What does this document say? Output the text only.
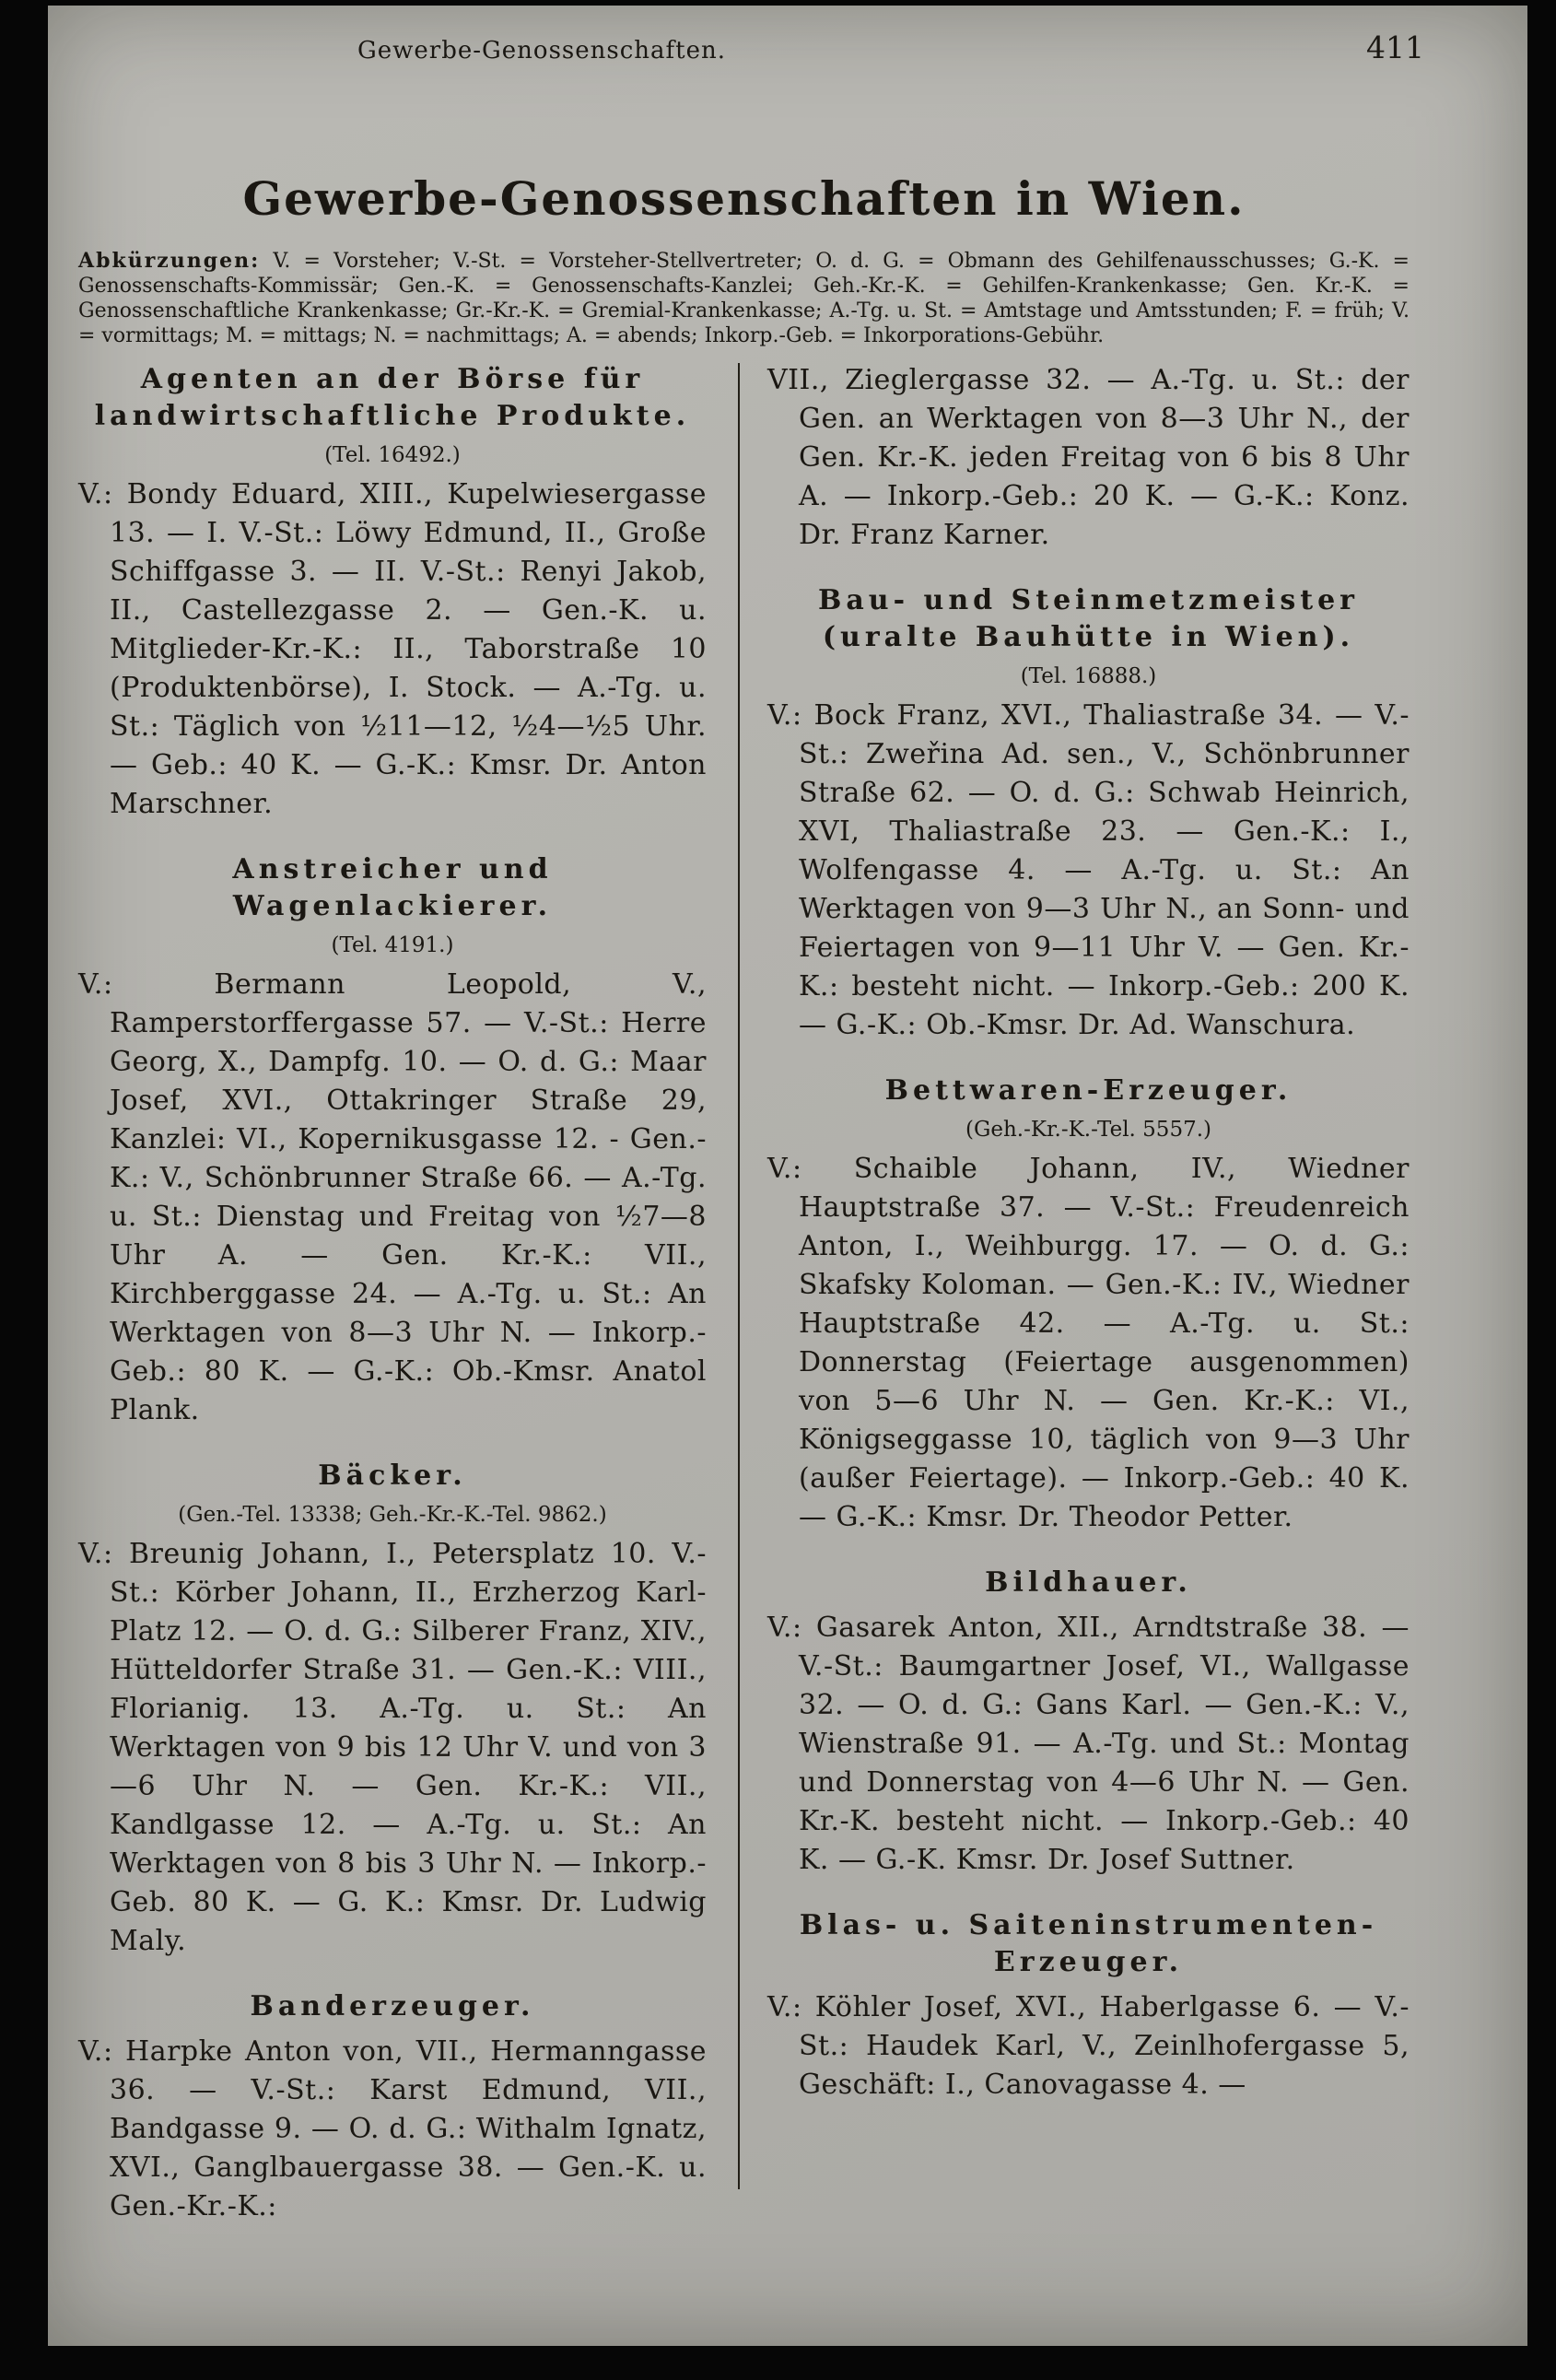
Gewerbe-Genossenschaften.	411
Gewerbe-Genossenschaften in Wien.

Abkürzungen: V. = Vorsteher; V.-St. = Vorsteher-Stellvertreter; O. d. G. = Obmann des Gehilfenausschusses; G.-K. = Genossenschafts-Kommissär; Gen.-K. = Genossenschafts-Kanzlei; Geh.-Kr.-K. = Gehilfen-Krankenkasse; Gen. Kr.-K. = Genossenschaftliche Krankenkasse; Gr.-Kr.-K. = Gremial-Krankenkasse; A.-Tg. u. St. = Amtstage und Amtsstunden; F. = früh; V. = vormittags; M. = mittags; N. = nachmittags; A. = abends; Inkorp.-Geb. = Inkorporations-Gebühr.

Agenten an der Börse für landwirtschaftliche Produkte.
(Tel. 16492.)

V.: Bondy Eduard, XIII., Kupelwiesergasse 13. — I. V.-St.: Löwy Edmund, II., Große Schiffgasse 3. — II. V.-St.: Renyi Jakob, II., Castellezgasse 2. — Gen.-K. u. Mitglieder-Kr.-K.: II., Taborstraße 10 (Produktenbörse), I. Stock. — A.-Tg. u. St.: Täglich von ½11—12, ½4—½5 Uhr. — Geb.: 40 K. — G.-K.: Kmsr. Dr. Anton Marschner.

Anstreicher und Wagenlackierer.
(Tel. 4191.)

V.: Bermann Leopold, V., Ramperstorffergasse 57. — V.-St.: Herre Georg, X., Dampfg. 10. — O. d. G.: Maar Josef, XVI., Ottakringer Straße 29, Kanzlei: VI., Kopernikusgasse 12. - Gen.-K.: V., Schönbrunner Straße 66. — A.-Tg. u. St.: Dienstag und Freitag von ½7—8 Uhr A. — Gen. Kr.-K.: VII., Kirchberggasse 24. — A.-Tg. u. St.: An Werktagen von 8—3 Uhr N. — Inkorp.-Geb.: 80 K. — G.-K.: Ob.-Kmsr. Anatol Plank.

Bäcker.
(Gen.-Tel. 13338; Geh.-Kr.-K.-Tel. 9862.)

V.: Breunig Johann, I., Petersplatz 10. V.-St.: Körber Johann, II., Erzherzog Karl-Platz 12. — O. d. G.: Silberer Franz, XIV., Hütteldorfer Straße 31. — Gen.-K.: VIII., Florianig. 13. A.-Tg. u. St.: An Werktagen von 9 bis 12 Uhr V. und von 3—6 Uhr N. — Gen. Kr.-K.: VII., Kandlgasse 12. — A.-Tg. u. St.: An Werktagen von 8 bis 3 Uhr N. — Inkorp.-Geb. 80 K. — G. K.: Kmsr. Dr. Ludwig Maly.

Banderzeuger.

V.: Harpke Anton von, VII., Hermanngasse 36. — V.-St.: Karst Edmund, VII., Bandgasse 9. — O. d. G.: Withalm Ignatz, XVI., Ganglbauergasse 38. — Gen.-K. u. Gen.-Kr.-K.:

VII., Zieglergasse 32. — A.-Tg. u. St.: der Gen. an Werktagen von 8—3 Uhr N., der Gen. Kr.-K. jeden Freitag von 6 bis 8 Uhr A. — Inkorp.-Geb.: 20 K. — G.-K.: Konz. Dr. Franz Karner.

Bau- und Steinmetzmeister (uralte Bauhütte in Wien).
(Tel. 16888.)

V.: Bock Franz, XVI., Thaliastraße 34. — V.-St.: Zweřina Ad. sen., V., Schönbrunner Straße 62. — O. d. G.: Schwab Heinrich, XVI, Thaliastraße 23. — Gen.-K.: I., Wolfengasse 4. — A.-Tg. u. St.: An Werktagen von 9—3 Uhr N., an Sonn- und Feiertagen von 9—11 Uhr V. — Gen. Kr.-K.: besteht nicht. — Inkorp.-Geb.: 200 K. — G.-K.: Ob.-Kmsr. Dr. Ad. Wanschura.

Bettwaren-Erzeuger.
(Geh.-Kr.-K.-Tel. 5557.)

V.: Schaible Johann, IV., Wiedner Hauptstraße 37. — V.-St.: Freudenreich Anton, I., Weihburgg. 17. — O. d. G.: Skafsky Koloman. — Gen.-K.: IV., Wiedner Hauptstraße 42. — A.-Tg. u. St.: Donnerstag (Feiertage ausgenommen) von 5—6 Uhr N. — Gen. Kr.-K.: VI., Königseggasse 10, täglich von 9—3 Uhr (außer Feiertage). — Inkorp.-Geb.: 40 K. — G.-K.: Kmsr. Dr. Theodor Petter.

Bildhauer.

V.: Gasarek Anton, XII., Arndtstraße 38. — V.-St.: Baumgartner Josef, VI., Wallgasse 32. — O. d. G.: Gans Karl. — Gen.-K.: V., Wienstraße 91. — A.-Tg. und St.: Montag und Donnerstag von 4—6 Uhr N. — Gen. Kr.-K. besteht nicht. — Inkorp.-Geb.: 40 K. — G.-K. Kmsr. Dr. Josef Suttner.

Blas- u. Saiteninstrumenten-Erzeuger.

V.: Köhler Josef, XVI., Haberlgasse 6. — V.-St.: Haudek Karl, V., Zeinlhofergasse 5, Geschäft: I., Canovagasse 4. —
